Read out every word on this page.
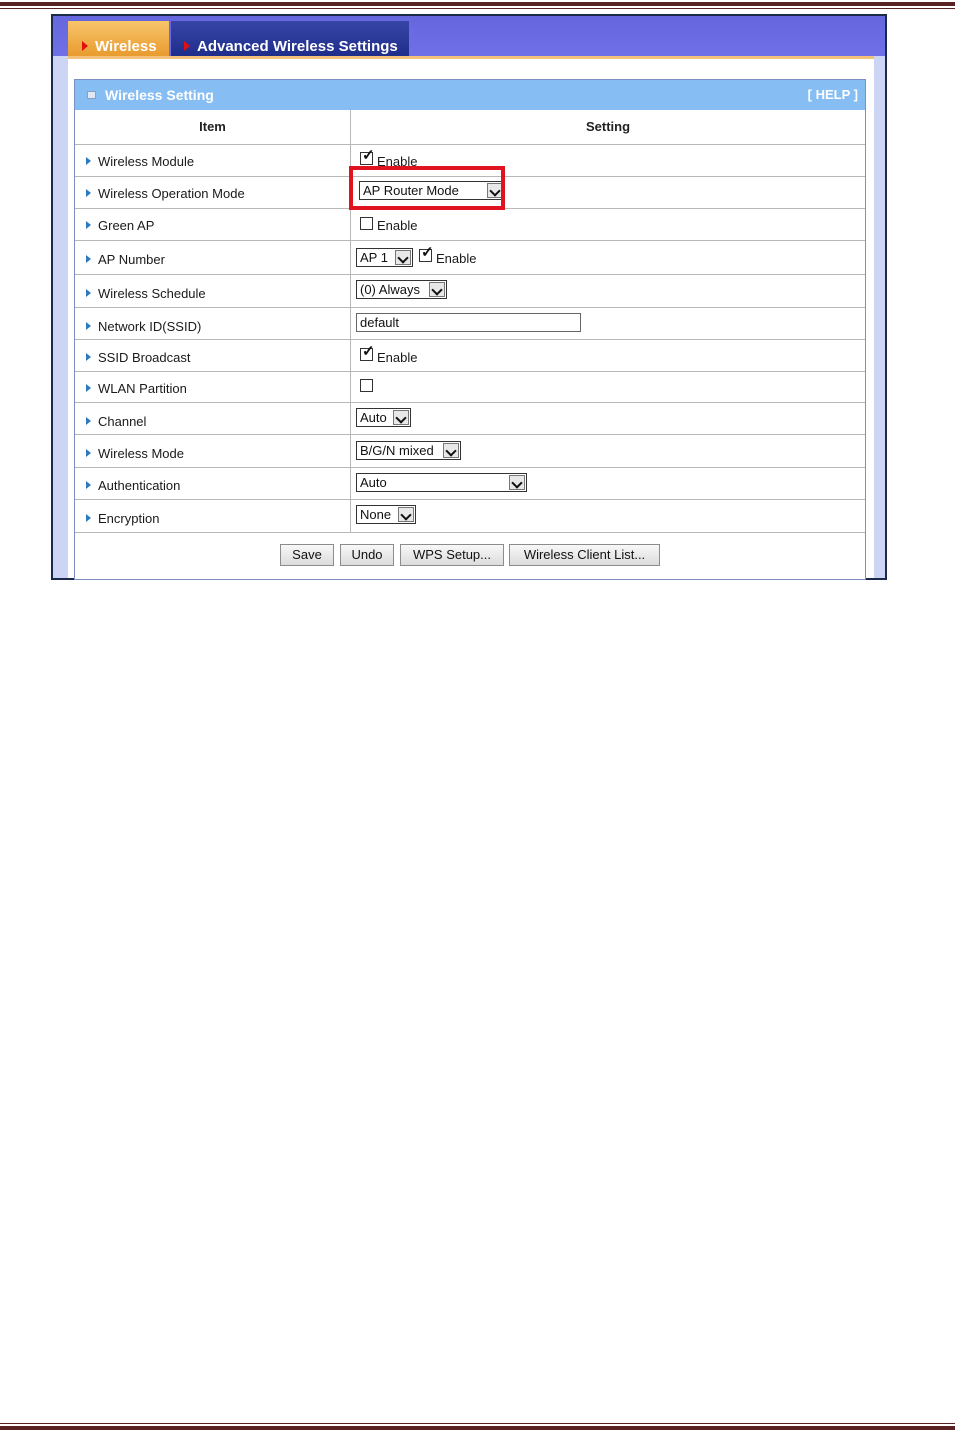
Wireless	Advanced Wireless Settings
Wireless Setting	[ HELP ]
Item	Setting
Wireless Module	✓ Enable
Wireless Operation Mode	AP Router Mode
Green AP	Enable
AP Number	AP 1 ✓ Enable
Wireless Schedule	(0) Always
Network ID(SSID)	default
SSID Broadcast	✓ Enable
WLAN Partition
Channel	Auto
Wireless Mode	B/G/N mixed
Authentication	Auto
Encryption	None
Save	Undo	WPS Setup...	Wireless Client List...
